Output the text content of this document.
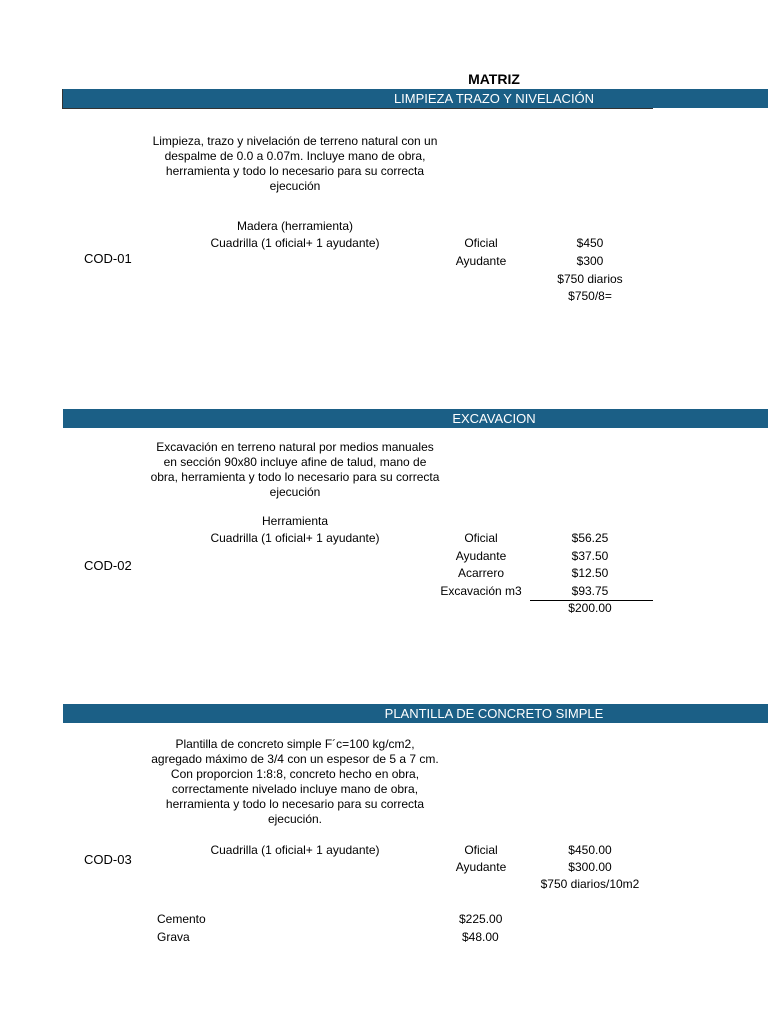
MATRIZ
LIMPIEZA TRAZO Y NIVELACIÓN
Limpieza, trazo y nivelación de terreno natural con un despalme de 0.0 a 0.07m. Incluye mano de obra, herramienta y todo lo necesario para su correcta ejecución
Madera (herramienta)
Cuadrilla (1 oficial+ 1 ayudante)
COD-01
Oficial
Ayudante
$450
$300
$750 diarios
$750/8=
EXCAVACION
Excavación en terreno natural por medios manuales en sección 90x80 incluye afine de talud, mano de obra, herramienta y todo lo necesario para su correcta ejecución
Herramienta
Cuadrilla (1 oficial+ 1 ayudante)
COD-02
Oficial
Ayudante
Acarrero
Excavación m3
$56.25
$37.50
$12.50
$93.75
$200.00
PLANTILLA DE CONCRETO SIMPLE
Plantilla de concreto simple F´c=100 kg/cm2, agregado máximo de 3/4 con un espesor de 5 a 7 cm. Con proporcion 1:8:8, concreto hecho en obra, correctamente nivelado incluye mano de obra, herramienta y todo lo necesario para su correcta ejecución.
Cuadrilla (1 oficial+ 1 ayudante)
COD-03
Oficial
Ayudante
$450.00
$300.00
$750 diarios/10m2
Cemento	$225.00
Grava	$48.00
